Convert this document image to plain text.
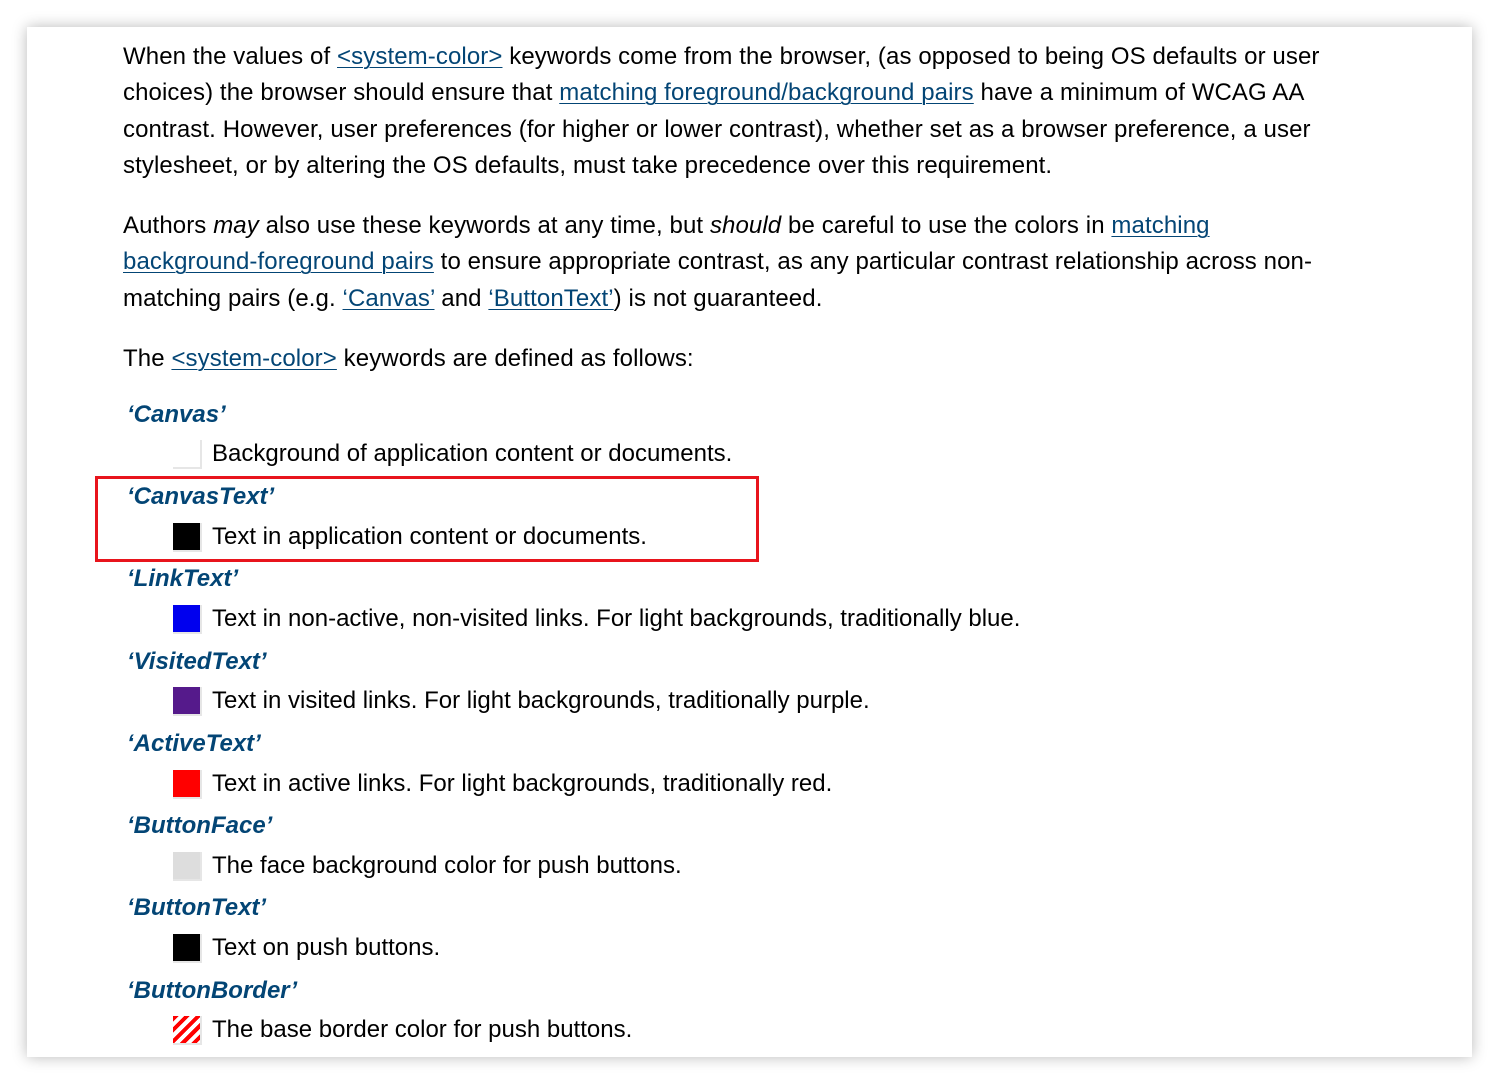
When the values of <system-color> keywords come from the browser, (as opposed to being OS defaults or user choices) the browser should ensure that matching foreground/background pairs have a minimum of WCAG AA contrast. However, user preferences (for higher or lower contrast), whether set as a browser preference, a user stylesheet, or by altering the OS defaults, must take precedence over this requirement.

Authors may also use these keywords at any time, but should be careful to use the colors in matching background-foreground pairs to ensure appropriate contrast, as any particular contrast relationship across non-matching pairs (e.g. ‘Canvas’ and ‘ButtonText’) is not guaranteed.

The <system-color> keywords are defined as follows:

‘Canvas’
Background of application content or documents.
‘CanvasText’
Text in application content or documents.
‘LinkText’
Text in non-active, non-visited links. For light backgrounds, traditionally blue.
‘VisitedText’
Text in visited links. For light backgrounds, traditionally purple.
‘ActiveText’
Text in active links. For light backgrounds, traditionally red.
‘ButtonFace’
The face background color for push buttons.
‘ButtonText’
Text on push buttons.
‘ButtonBorder’
The base border color for push buttons.
